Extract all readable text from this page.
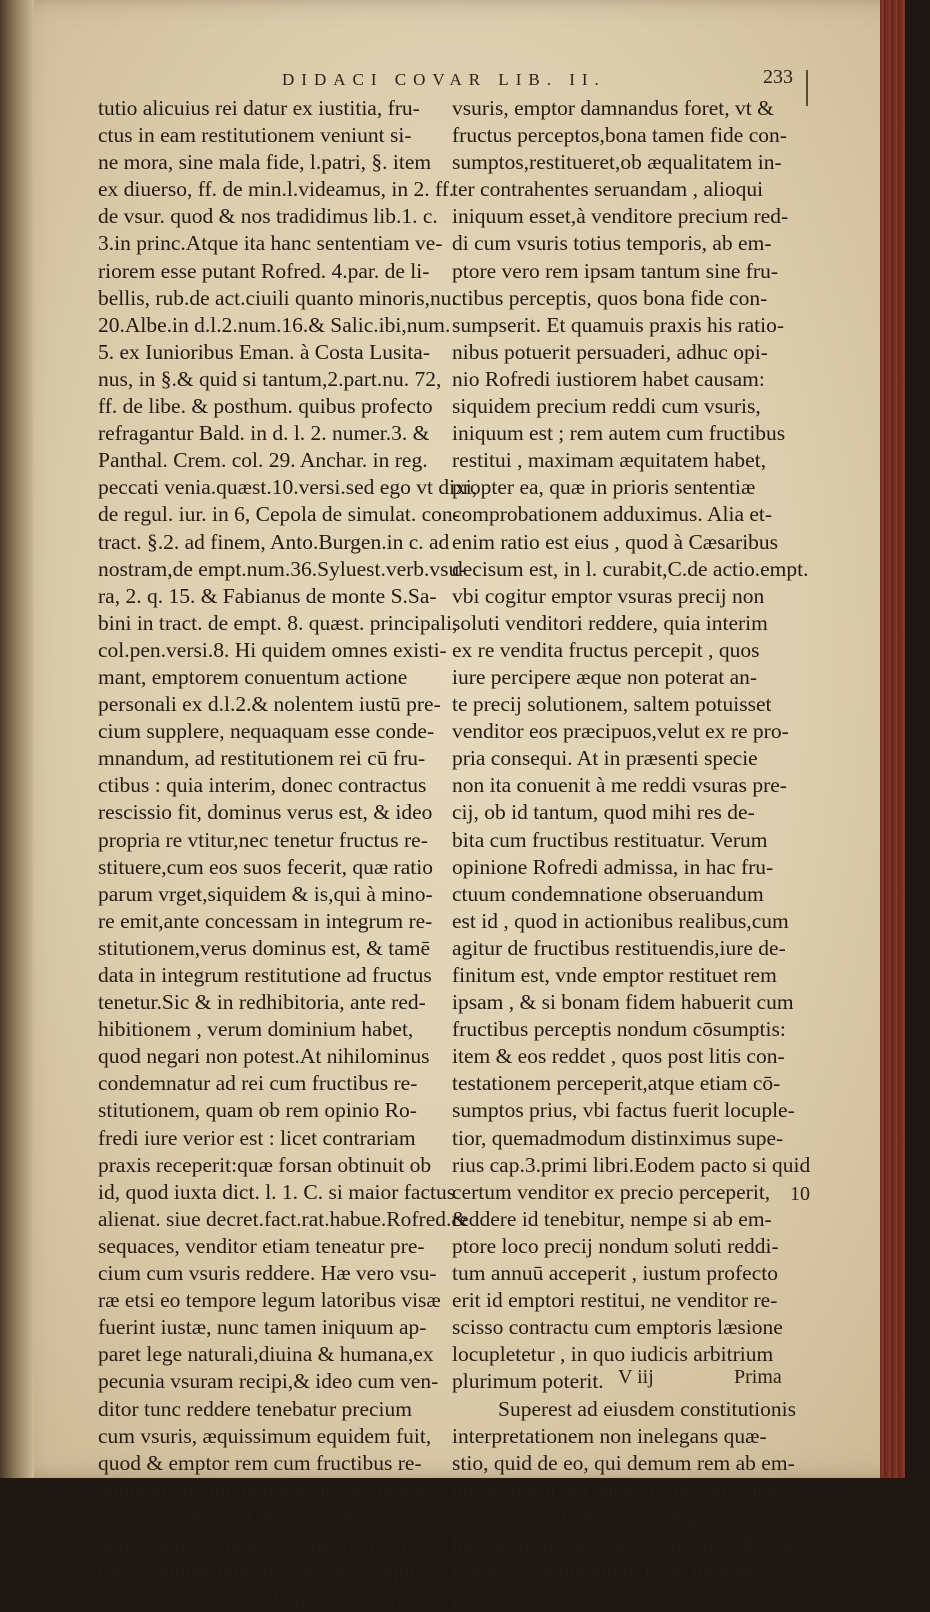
DIDACI COVAR LIB. II.	233
tutio alicuius rei datur ex iustitia, fru-
ctus in eam restitutionem veniunt si-
ne mora, sine mala fide, l.patri, §. item
ex diuerso, ff. de min.l.videamus, in 2. ff.
de vsur. quod & nos tradidimus lib.1. c.
3.in princ.Atque ita hanc sententiam ve-
riorem esse putant Rofred. 4.par. de li-
bellis, rub.de act.ciuili quanto minoris,nu.
20.Albe.in d.l.2.num.16.& Salic.ibi,num.
5. ex Iunioribus Eman. à Costa Lusita-
nus, in §.& quid si tantum,2.part.nu. 72,
ff. de libe. & posthum. quibus profecto
refragantur Bald. in d. l. 2. numer.3. &
Panthal. Crem. col. 29. Anchar. in reg.
peccati venia.quæst.10.versi.sed ego vt dixi,
de regul. iur. in 6, Cepola de simulat. con-
tract. §.2. ad finem, Anto.Burgen.in c. ad
nostram,de empt.num.36.Syluest.verb.vsu-
ra, 2. q. 15. & Fabianus de monte S.Sa-
bini in tract. de empt. 8. quæst. principali,
col.pen.versi.8. Hi quidem omnes existi-
mant, emptorem conuentum actione
personali ex d.l.2.& nolentem iustū pre-
cium supplere, nequaquam esse conde-
mnandum, ad restitutionem rei cū fru-
ctibus : quia interim, donec contractus
rescissio fit, dominus verus est, & ideo
propria re vtitur,nec tenetur fructus re-
stituere,cum eos suos fecerit, quæ ratio
parum vrget,siquidem & is,qui à mino-
re emit,ante concessam in integrum re-
stitutionem,verus dominus est, & tamē
data in integrum restitutione ad fructus
tenetur.Sic & in redhibitoria, ante red-
hibitionem , verum dominium habet,
quod negari non potest.At nihilominus
condemnatur ad rei cum fructibus re-
stitutionem, quam ob rem opinio Ro-
fredi iure verior est : licet contrariam
praxis receperit:quæ forsan obtinuit ob
id, quod iuxta dict. l. 1. C. si maior factus
alienat. siue decret.fact.rat.habue.Rofred.&
sequaces, venditor etiam teneatur pre-
cium cum vsuris reddere. Hæ vero vsu-
ræ etsi eo tempore legum latoribus visæ
fuerint iustæ, nunc tamen iniquum ap-
paret lege naturali,diuina & humana,ex
pecunia vsuram recipi,& ideo cum ven-
ditor tunc reddere tenebatur precium
cum vsuris, æquissimum equidem fuit,
quod & emptor rem cum fructibus re-
stitueret.At cum hodie vsuræ ex precio
reddi non debeant, mirum videri non
debet, si nec emptor fructus rei resti-
tuere minime teneatur. Sed & antiqui-
tus venditore reddente precium cum
vsuris, emptor damnandus foret, vt &
fructus perceptos,bona tamen fide con-
sumptos,restitueret,ob æqualitatem in-
ter contrahentes seruandam , alioqui
iniquum esset,à venditore precium red-
di cum vsuris totius temporis, ab em-
ptore vero rem ipsam tantum sine fru-
ctibus perceptis, quos bona fide con-
sumpserit. Et quamuis praxis his ratio-
nibus potuerit persuaderi, adhuc opi-
nio Rofredi iustiorem habet causam:
siquidem precium reddi cum vsuris,
iniquum est ; rem autem cum fructibus
restitui , maximam æquitatem habet,
propter ea, quæ in prioris sententiæ
comprobationem adduximus. Alia et-
enim ratio est eius , quod à Cæsaribus
decisum est, in l. curabit,C.de actio.empt.
vbi cogitur emptor vsuras precij non
soluti venditori reddere, quia interim
ex re vendita fructus percepit , quos
iure percipere æque non poterat an-
te precij solutionem, saltem potuisset
venditor eos præcipuos,velut ex re pro-
pria consequi. At in præsenti specie
non ita conuenit à me reddi vsuras pre-
cij, ob id tantum, quod mihi res de-
bita cum fructibus restituatur. Verum
opinione Rofredi admissa, in hac fru-
ctuum condemnatione obseruandum
est id , quod in actionibus realibus,cum
agitur de fructibus restituendis,iure de-
finitum est, vnde emptor restituet rem
ipsam , & si bonam fidem habuerit cum
fructibus perceptis nondum cōsumptis:
item & eos reddet , quos post litis con-
testationem perceperit,atque etiam cō-
sumptos prius, vbi factus fuerit locuple-
tior, quemadmodum distinximus supe-
rius cap.3.primi libri.Eodem pacto si quid
certum venditor ex precio perceperit,
reddere id tenebitur, nempe si ab em-
ptore loco precij nondum soluti reddi-
tum annuū acceperit , iustum profecto
erit id emptori restitui, ne venditor re-
scisso contractu cum emptoris læsione
locupletetur , in quo iudicis arbitrium
plurimum poterit.
Superest ad eiusdem constitutionis
interpretationem non inelegans quæ-
stio, quid de eo, qui demum rem ab em-
ptore emerit, an aduersus ipsum valeat
in iudicium deduci dictæ legis 2. actio.cum
hic tertius possessor sit, ad cuius dubita-
tionis resolutionem in hunc modum
proponimus assertiones.
10
V iij	Prima
